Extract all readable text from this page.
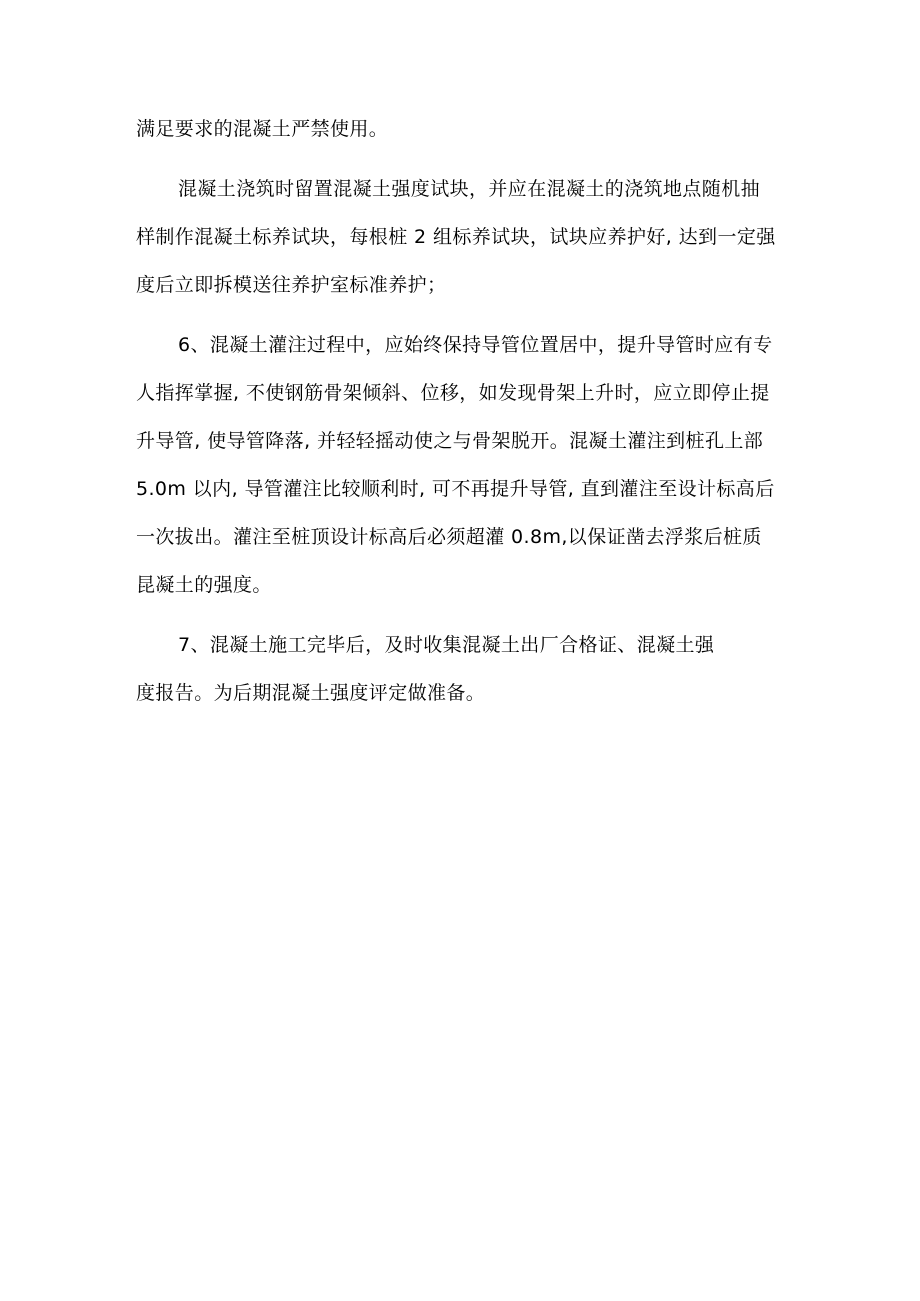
满足要求的混凝土严禁使用。
混凝土浇筑时留置混凝土强度试块，并应在混凝土的浇筑地点随机抽
样制作混凝土标养试块，每根桩 2 组标养试块，试块应养护好, 达到一定强
度后立即拆模送往养护室标准养护；
6、混凝土灌注过程中，应始终保持导管位置居中，提升导管时应有专
人指挥掌握, 不使钢筋骨架倾斜、位移，如发现骨架上升时，应立即停止提
升导管, 使导管降落, 并轻轻摇动使之与骨架脱开。混凝土灌注到桩孔上部
5.0m 以内, 导管灌注比较顺利时, 可不再提升导管, 直到灌注至设计标高后
一次拔出。灌注至桩顶设计标高后必须超灌 0.8m,以保证凿去浮浆后桩质
昆凝土的强度。
7、混凝土施工完毕后，及时收集混凝土出厂合格证、混凝土强
度报告。为后期混凝土强度评定做准备。
